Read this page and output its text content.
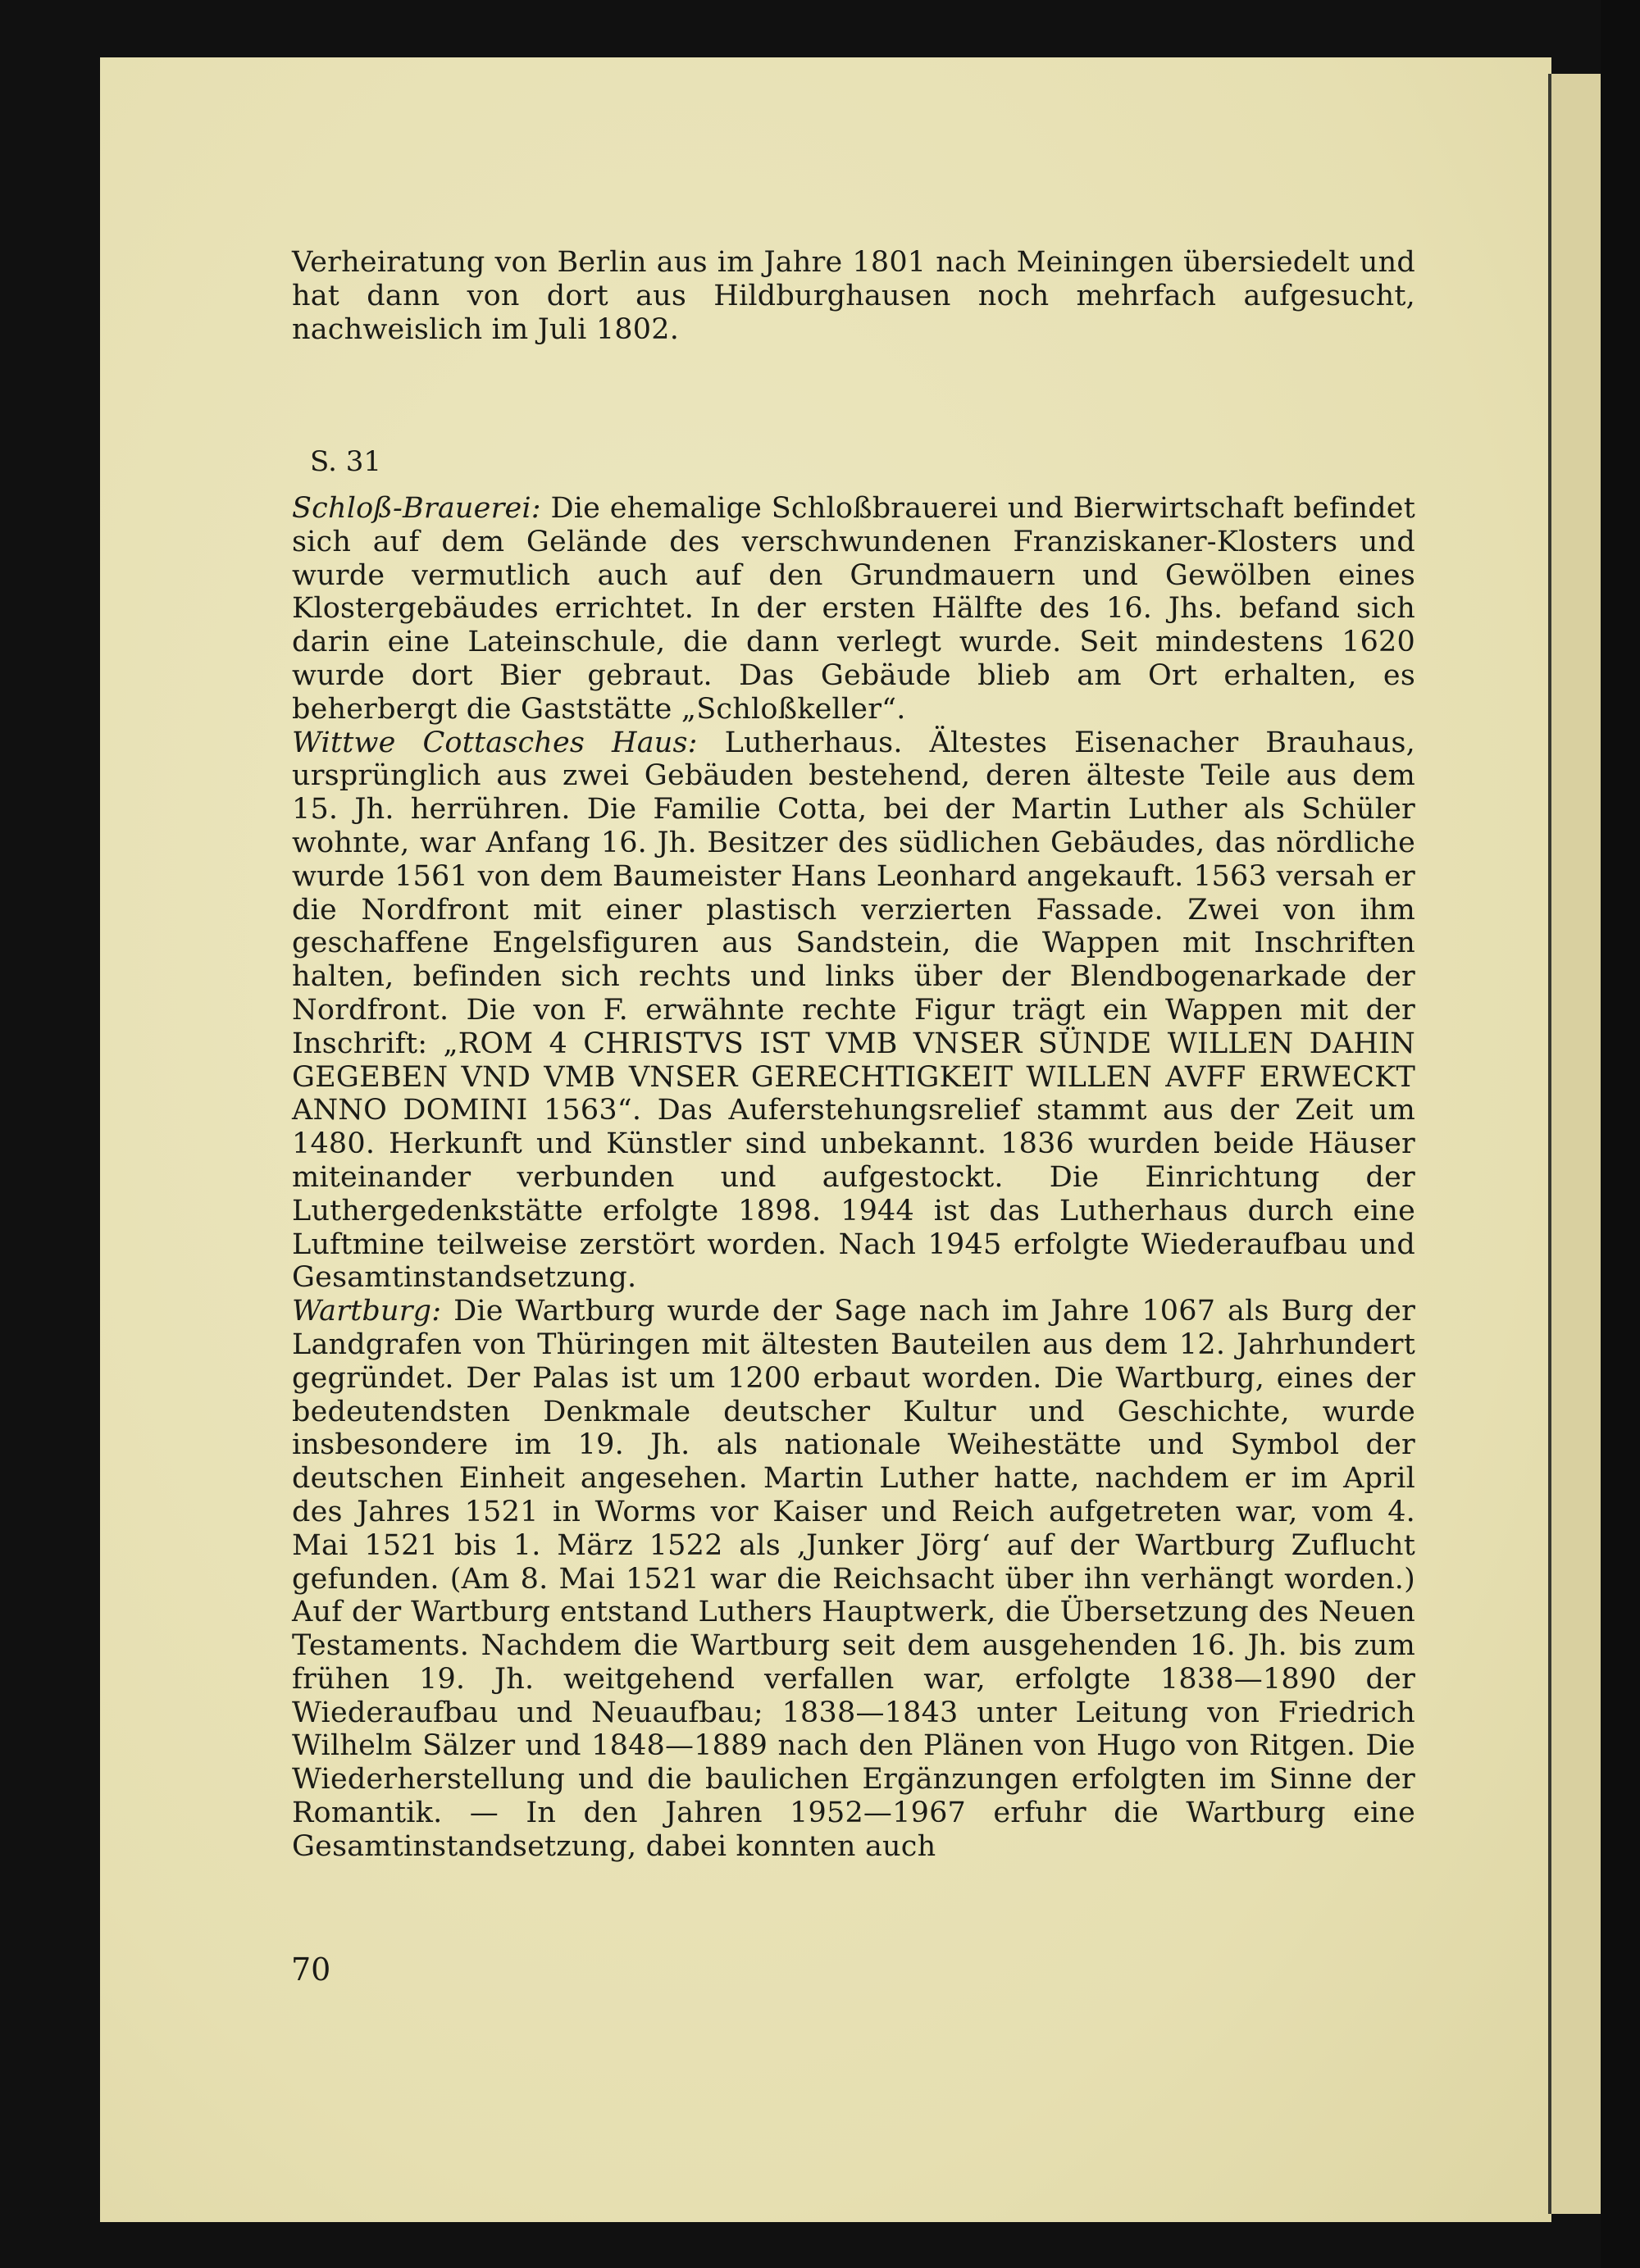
Verheiratung von Berlin aus im Jahre 1801 nach Meiningen übersiedelt und hat dann von dort aus Hildburghausen noch mehrfach aufgesucht, nachweislich im Juli 1802.

S. 31

Schloß-Brauerei: Die ehemalige Schloßbrauerei und Bierwirtschaft befindet sich auf dem Gelände des verschwundenen Franziskaner-Klosters und wurde vermutlich auch auf den Grundmauern und Gewölben eines Klostergebäudes errichtet. In der ersten Hälfte des 16. Jhs. befand sich darin eine Lateinschule, die dann verlegt wurde. Seit mindestens 1620 wurde dort Bier gebraut. Das Gebäude blieb am Ort erhalten, es beherbergt die Gaststätte „Schloßkeller“.

Wittwe Cottasches Haus: Lutherhaus. Ältestes Eisenacher Brauhaus, ursprünglich aus zwei Gebäuden bestehend, deren älteste Teile aus dem 15. Jh. herrühren. Die Familie Cotta, bei der Martin Luther als Schüler wohnte, war Anfang 16. Jh. Besitzer des südlichen Gebäudes, das nördliche wurde 1561 von dem Baumeister Hans Leonhard angekauft. 1563 versah er die Nordfront mit einer plastisch verzierten Fassade. Zwei von ihm geschaffene Engelsfiguren aus Sandstein, die Wappen mit Inschriften halten, befinden sich rechts und links über der Blendbogenarkade der Nordfront. Die von F. erwähnte rechte Figur trägt ein Wappen mit der Inschrift: „ROM 4 CHRISTVS IST VMB VNSER SÜNDE WILLEN DAHIN GEGEBEN VND VMB VNSER GERECHTIGKEIT WILLEN AVFF ERWECKT ANNO DOMINI 1563“. Das Auferstehungsrelief stammt aus der Zeit um 1480. Herkunft und Künstler sind unbekannt. 1836 wurden beide Häuser miteinander verbunden und aufgestockt. Die Einrichtung der Luthergedenkstätte erfolgte 1898. 1944 ist das Lutherhaus durch eine Luftmine teilweise zerstört worden. Nach 1945 erfolgte Wiederaufbau und Gesamtinstandsetzung.

Wartburg: Die Wartburg wurde der Sage nach im Jahre 1067 als Burg der Landgrafen von Thüringen mit ältesten Bauteilen aus dem 12. Jahrhundert gegründet. Der Palas ist um 1200 erbaut worden. Die Wartburg, eines der bedeutendsten Denkmale deutscher Kultur und Geschichte, wurde insbesondere im 19. Jh. als nationale Weihestätte und Symbol der deutschen Einheit angesehen. Martin Luther hatte, nachdem er im April des Jahres 1521 in Worms vor Kaiser und Reich aufgetreten war, vom 4. Mai 1521 bis 1. März 1522 als ‚Junker Jörg‘ auf der Wartburg Zuflucht gefunden. (Am 8. Mai 1521 war die Reichsacht über ihn verhängt worden.) Auf der Wartburg entstand Luthers Hauptwerk, die Übersetzung des Neuen Testaments. Nachdem die Wartburg seit dem ausgehenden 16. Jh. bis zum frühen 19. Jh. weitgehend verfallen war, erfolgte 1838—1890 der Wiederaufbau und Neuaufbau; 1838—1843 unter Leitung von Friedrich Wilhelm Sälzer und 1848—1889 nach den Plänen von Hugo von Ritgen. Die Wiederherstellung und die baulichen Ergänzungen erfolgten im Sinne der Romantik. — In den Jahren 1952—1967 erfuhr die Wartburg eine Gesamtinstandsetzung, dabei konnten auch

70
